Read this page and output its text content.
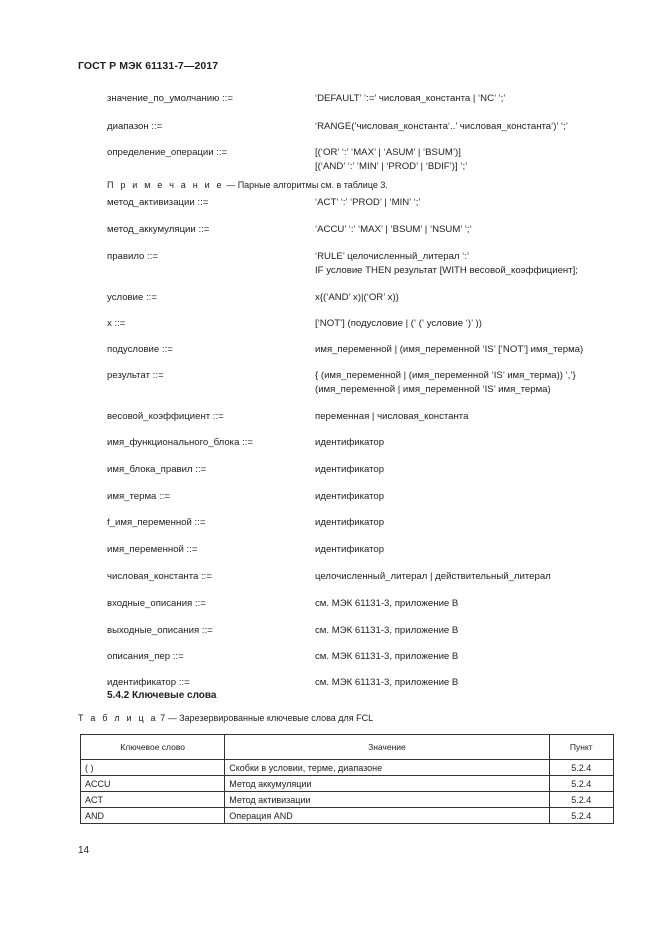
ГОСТ Р МЭК 61131-7—2017
значение_по_умолчанию ::=	‘DEFAULT’ ‘:=’ числовая_константа | ‘NC’ ‘;’
диапазон ::=	‘RANGE(’числовая_константа‘..’ числовая_константа‘)’ ‘;’
определение_операции ::=	[(‘OR’ ‘:’ ‘MAX’ | ‘ASUM’ | ‘BSUM’)]
[(‘AND’ ‘:’ ‘MIN’ | ‘PROD’ | ‘BDIF’)] ‘;’
метод_активизации ::=	‘ACT’ ‘:’ ‘PROD’ | ‘MIN’ ‘;’
метод_аккумуляции ::=	‘ACCU’ ‘:’ ‘MAX’ | ‘BSUM’ | ‘NSUM’ ‘;’
правило ::=	‘RULE’ целочисленный_литерал ‘:’
IF условие THEN результат [WITH весовой_коэффициент];
условие ::=	x{(‘AND’ x)|(‘OR’ x)}
x ::=	[‘NOT’] (подусловие | (‘ (‘ условие ‘)’ ))
подусловие ::=	имя_переменной | (имя_переменной ‘IS’ [‘NOT’] имя_терма)
результат ::=	{ (имя_переменной | (имя_переменной ‘IS’ имя_терма)) ‘,’}
(имя_переменной | имя_переменной ‘IS’ имя_терма)
весовой_коэффициент ::=	переменная | числовая_константа
имя_функционального_блока ::=	идентификатор
имя_блока_правил ::=	идентификатор
имя_терма ::=	идентификатор
f_имя_переменной ::=	идентификатор
имя_переменной ::=	идентификатор
числовая_константа ::=	целочисленный_литерал | действительный_литерал
входные_описания ::=	см. МЭК 61131-3, приложение В
выходные_описания ::=	см. МЭК 61131-3, приложение В
описания_пер ::=	см. МЭК 61131-3, приложение В
идентификатор ::=	см. МЭК 61131-3, приложение В
П р и м е ч а н и е — Парные алгоритмы см. в таблице 3.
5.4.2 Ключевые слова
Т а б л и ц а 7 — Зарезервированные ключевые слова для FCL
Ключевое слово	Значение	Пункт
( )	Скобки в условии, терме, диапазоне	5.2.4
ACCU	Метод аккумуляции	5.2.4
ACT	Метод активизации	5.2.4
AND	Операция AND	5.2.4
14
